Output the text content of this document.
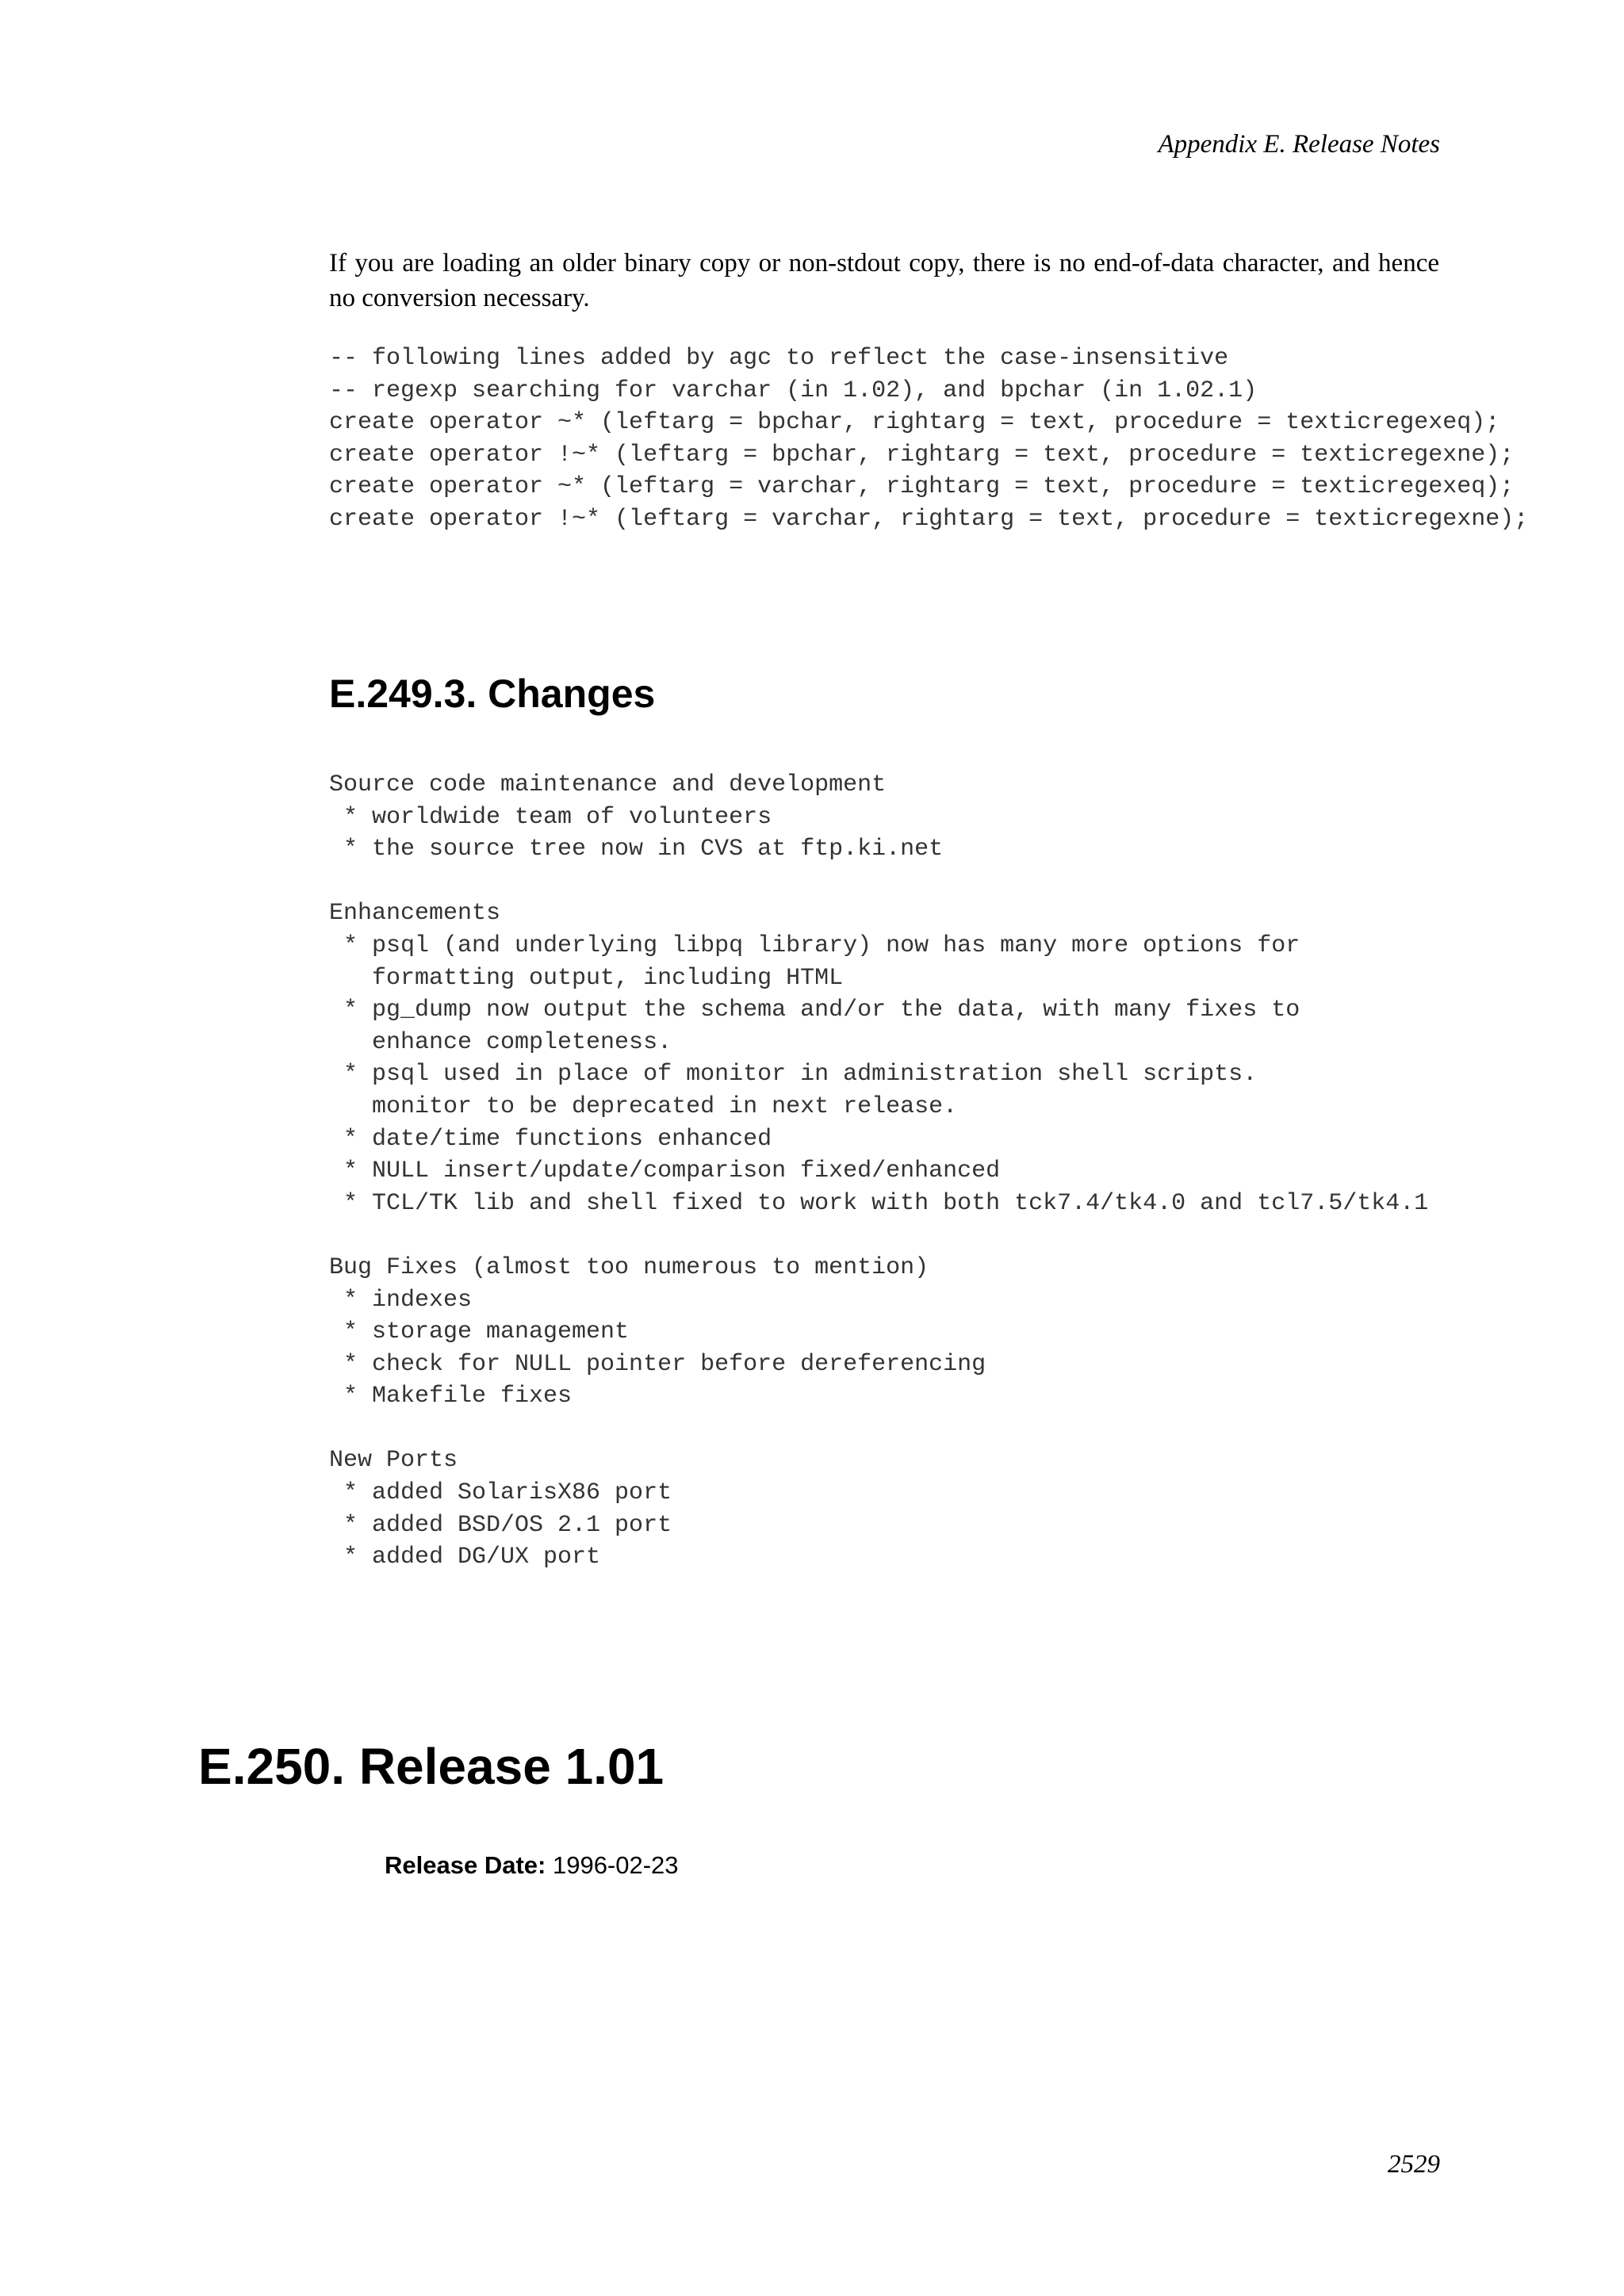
Appendix E. Release Notes

If you are loading an older binary copy or non-stdout copy, there is no end-of-data character, and hence no conversion necessary.

-- following lines added by agc to reflect the case-insensitive
-- regexp searching for varchar (in 1.02), and bpchar (in 1.02.1)
create operator ~* (leftarg = bpchar, rightarg = text, procedure = texticregexeq);
create operator !~* (leftarg = bpchar, rightarg = text, procedure = texticregexne);
create operator ~* (leftarg = varchar, rightarg = text, procedure = texticregexeq);
create operator !~* (leftarg = varchar, rightarg = text, procedure = texticregexne);
E.249.3. Changes
Source code maintenance and development
* worldwide team of volunteers
* the source tree now in CVS at ftp.ki.net

Enhancements
* psql (and underlying libpq library) now has many more options for
formatting output, including HTML
* pg_dump now output the schema and/or the data, with many fixes to
enhance completeness.
* psql used in place of monitor in administration shell scripts.
monitor to be deprecated in next release.
* date/time functions enhanced
* NULL insert/update/comparison fixed/enhanced
* TCL/TK lib and shell fixed to work with both tck7.4/tk4.0 and tcl7.5/tk4.1

Bug Fixes (almost too numerous to mention)
* indexes
* storage management
* check for NULL pointer before dereferencing
* Makefile fixes

New Ports
* added SolarisX86 port
* added BSD/OS 2.1 port
* added DG/UX port
E.250. Release 1.01
Release Date: 1996-02-23
2529
